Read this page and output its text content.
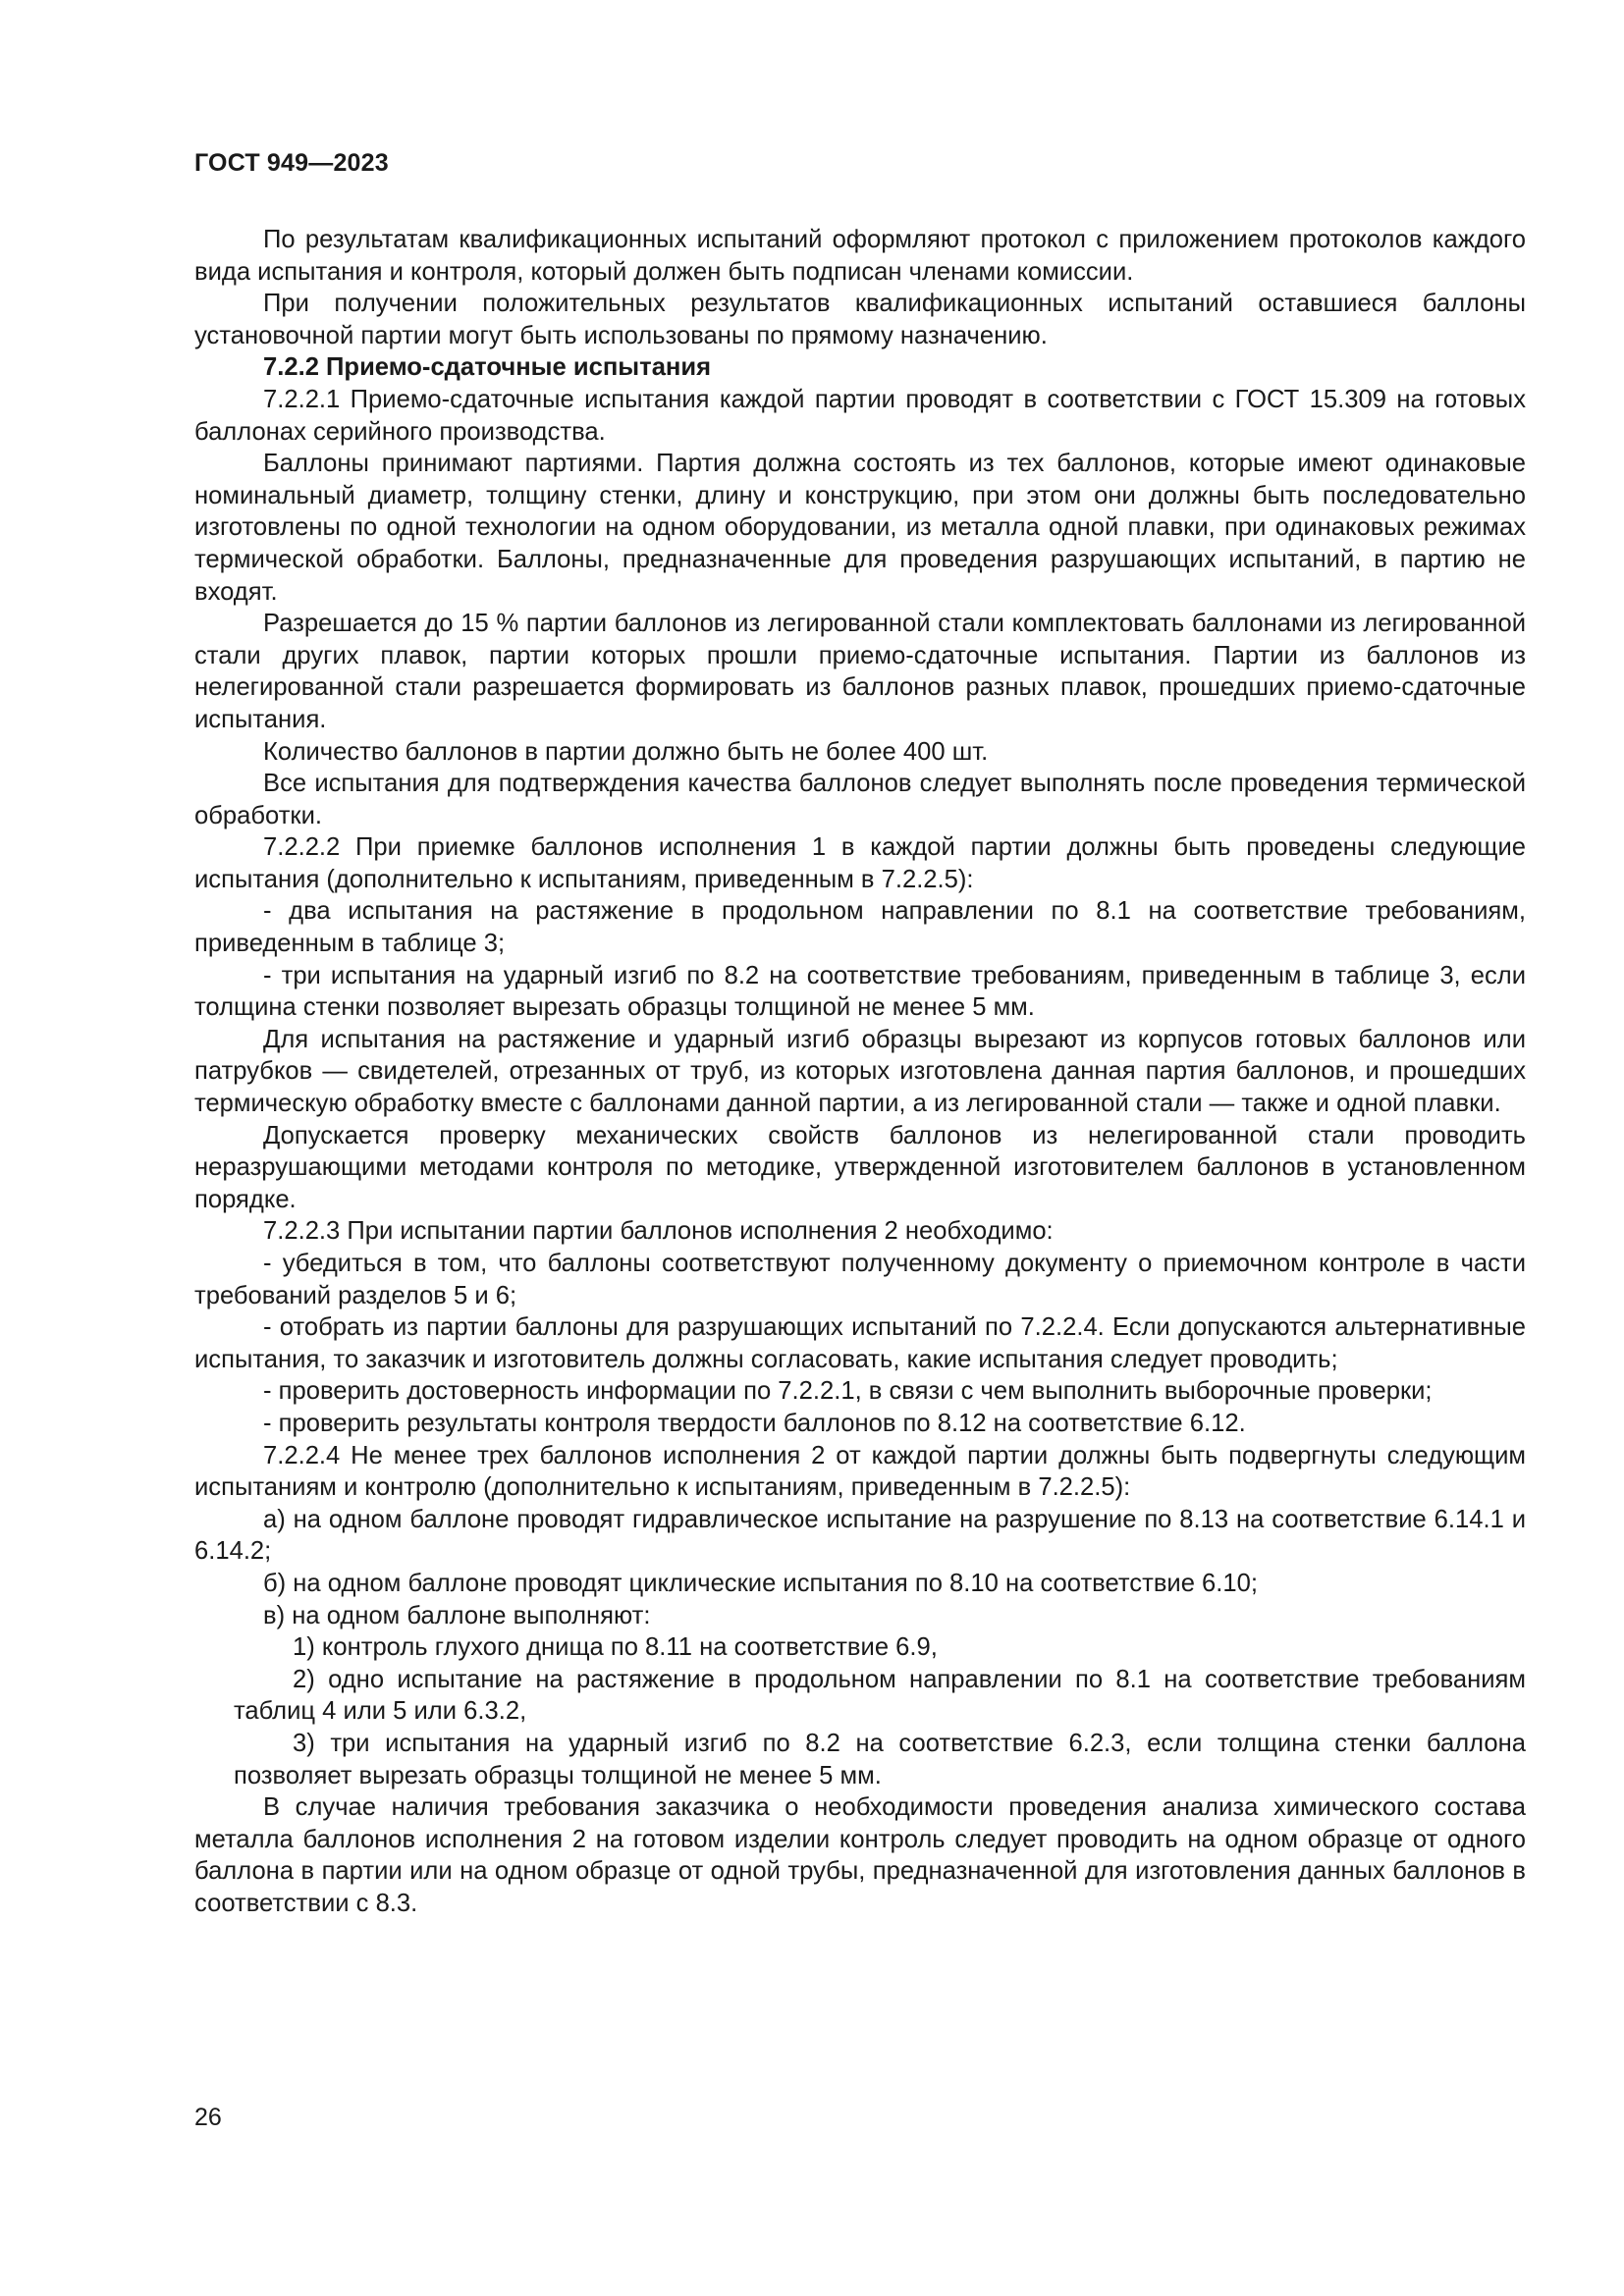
ГОСТ 949—2023

По результатам квалификационных испытаний оформляют протокол с приложением протоколов каждого вида испытания и контроля, который должен быть подписан членами комиссии.

При получении положительных результатов квалификационных испытаний оставшиеся баллоны установочной партии могут быть использованы по прямому назначению.

7.2.2 Приемо-сдаточные испытания

7.2.2.1 Приемо-сдаточные испытания каждой партии проводят в соответствии с ГОСТ 15.309 на готовых баллонах серийного производства.

Баллоны принимают партиями. Партия должна состоять из тех баллонов, которые имеют одинаковые номинальный диаметр, толщину стенки, длину и конструкцию, при этом они должны быть последовательно изготовлены по одной технологии на одном оборудовании, из металла одной плавки, при одинаковых режимах термической обработки. Баллоны, предназначенные для проведения разрушающих испытаний, в партию не входят.

Разрешается до 15 % партии баллонов из легированной стали комплектовать баллонами из легированной стали других плавок, партии которых прошли приемо-сдаточные испытания. Партии из баллонов из нелегированной стали разрешается формировать из баллонов разных плавок, прошедших приемо-сдаточные испытания.

Количество баллонов в партии должно быть не более 400 шт.

Все испытания для подтверждения качества баллонов следует выполнять после проведения термической обработки.

7.2.2.2 При приемке баллонов исполнения 1 в каждой партии должны быть проведены следующие испытания (дополнительно к испытаниям, приведенным в 7.2.2.5):

- два испытания на растяжение в продольном направлении по 8.1 на соответствие требованиям, приведенным в таблице 3;

- три испытания на ударный изгиб по 8.2 на соответствие требованиям, приведенным в таблице 3, если толщина стенки позволяет вырезать образцы толщиной не менее 5 мм.

Для испытания на растяжение и ударный изгиб образцы вырезают из корпусов готовых баллонов или патрубков — свидетелей, отрезанных от труб, из которых изготовлена данная партия баллонов, и прошедших термическую обработку вместе с баллонами данной партии, а из легированной стали — также и одной плавки.

Допускается проверку механических свойств баллонов из нелегированной стали проводить неразрушающими методами контроля по методике, утвержденной изготовителем баллонов в установленном порядке.

7.2.2.3 При испытании партии баллонов исполнения 2 необходимо:

- убедиться в том, что баллоны соответствуют полученному документу о приемочном контроле в части требований разделов 5 и 6;

- отобрать из партии баллоны для разрушающих испытаний по 7.2.2.4. Если допускаются альтернативные испытания, то заказчик и изготовитель должны согласовать, какие испытания следует проводить;

- проверить достоверность информации по 7.2.2.1, в связи с чем выполнить выборочные проверки;

- проверить результаты контроля твердости баллонов по 8.12 на соответствие 6.12.

7.2.2.4 Не менее трех баллонов исполнения 2 от каждой партии должны быть подвергнуты следующим испытаниям и контролю (дополнительно к испытаниям, приведенным в 7.2.2.5):

а) на одном баллоне проводят гидравлическое испытание на разрушение по 8.13 на соответствие 6.14.1 и 6.14.2;

б) на одном баллоне проводят циклические испытания по 8.10 на соответствие 6.10;

в) на одном баллоне выполняют:

1) контроль глухого днища по 8.11 на соответствие 6.9,

2) одно испытание на растяжение в продольном направлении по 8.1 на соответствие требованиям таблиц 4 или 5 или 6.3.2,

3) три испытания на ударный изгиб по 8.2 на соответствие 6.2.3, если толщина стенки баллона позволяет вырезать образцы толщиной не менее 5 мм.

В случае наличия требования заказчика о необходимости проведения анализа химического состава металла баллонов исполнения 2 на готовом изделии контроль следует проводить на одном образце от одного баллона в партии или на одном образце от одной трубы, предназначенной для изготовления данных баллонов в соответствии с 8.3.

26
